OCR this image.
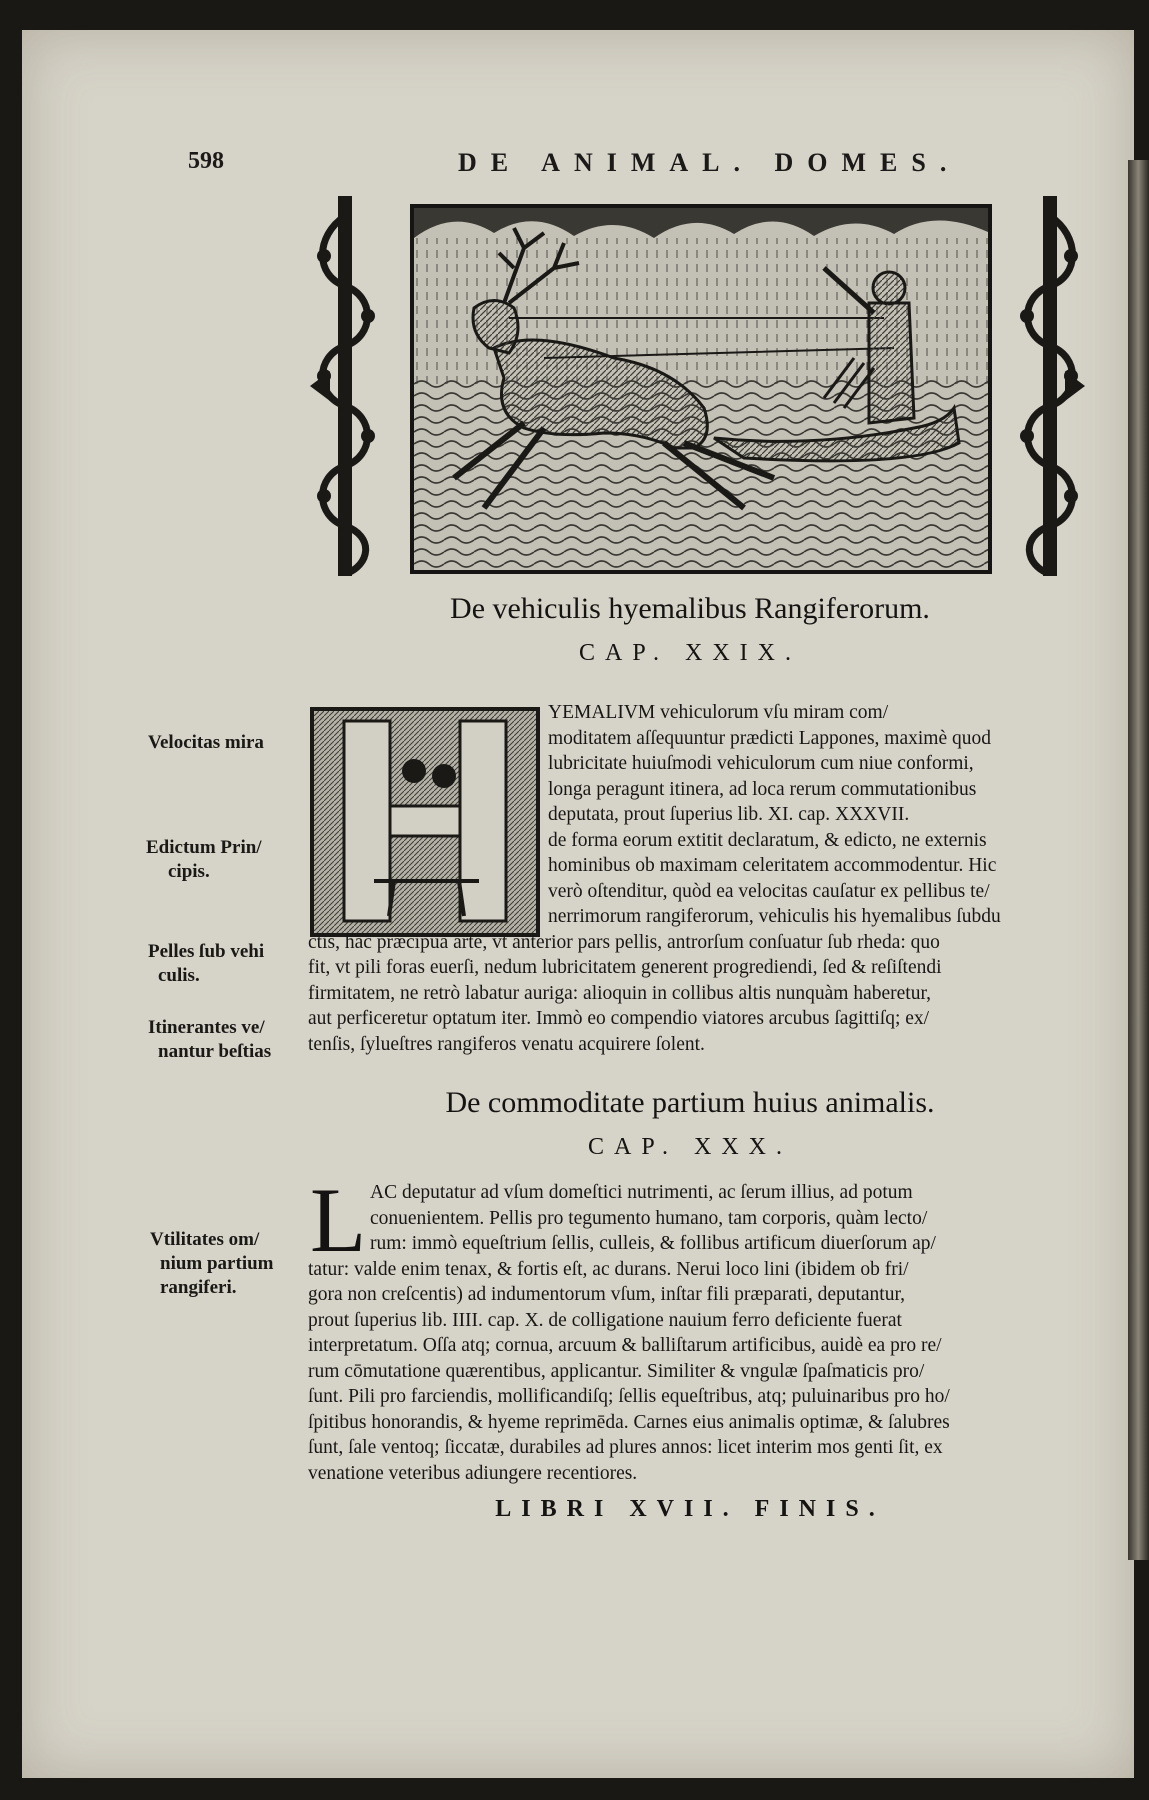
598	DE ANIMAL. DOMES.
De vehiculis hyemalibus Rangiferorum.
CAP. XXIX.
YEMALIVM vehiculorum vſu miram com/
moditatem aſſequuntur prædicti Lappones, maximè quod
lubricitate huiuſmodi vehiculorum cum niue conformi,
longa peragunt itinera, ad loca rerum commutationibus
deputata, prout ſuperius lib. XI. cap. XXXVII.
de forma eorum extitit declaratum, & edicto, ne externis
hominibus ob maximam celeritatem accommodentur. Hic
verò oſtenditur, quòd ea velocitas cauſatur ex pellibus te/
nerrimorum rangiferorum, vehiculis his hyemalibus ſubdu
ctis, hac præcipua arte, vt anterior pars pellis, antrorſum conſuatur ſub rheda: quo
fit, vt pili foras euerſi, nedum lubricitatem generent progrediendi, ſed & reſiſtendi
firmitatem, ne retrò labatur auriga: alioquin in collibus altis nunquàm haberetur,
aut perficeretur optatum iter. Immò eo compendio viatores arcubus ſagittiſq; ex/
tenſis, ſylueſtres rangiferos venatu acquirere ſolent.
De commoditate partium huius animalis.
CAP. XXX.
L AC deputatur ad vſum domeſtici nutrimenti, ac ſerum illius, ad potum
conuenientem. Pellis pro tegumento humano, tam corporis, quàm lecto/
rum: immò equeſtrium ſellis, culleis, & follibus artificum diuerſorum ap/
tatur: valde enim tenax, & fortis eſt, ac durans. Nerui loco lini (ibidem ob fri/
gora non creſcentis) ad indumentorum vſum, inſtar fili præparati, deputantur,
prout ſuperius lib. IIII. cap. X. de colligatione nauium ferro deficiente fuerat
interpretatum. Oſſa atq; cornua, arcuum & balliſtarum artificibus, auidè ea pro re/
rum cōmutatione quærentibus, applicantur. Similiter & vngulæ ſpaſmaticis pro/
ſunt. Pili pro farciendis, mollificandiſq; ſellis equeſtribus, atq; puluinaribus pro ho/
ſpitibus honorandis, & hyeme reprimēda. Carnes eius animalis optimæ, & ſalubres
ſunt, ſale ventoq; ſiccatæ, durabiles ad plures annos: licet interim mos genti ſit, ex
venatione veteribus adiungere recentiores.
LIBRI XVII. FINIS.
Velocitas mira
Edictum Prin/
cipis.
Pelles ſub vehi
culis.
Itinerantes ve/
nantur beſtias
Vtilitates om/
nium partium
rangiferi.
